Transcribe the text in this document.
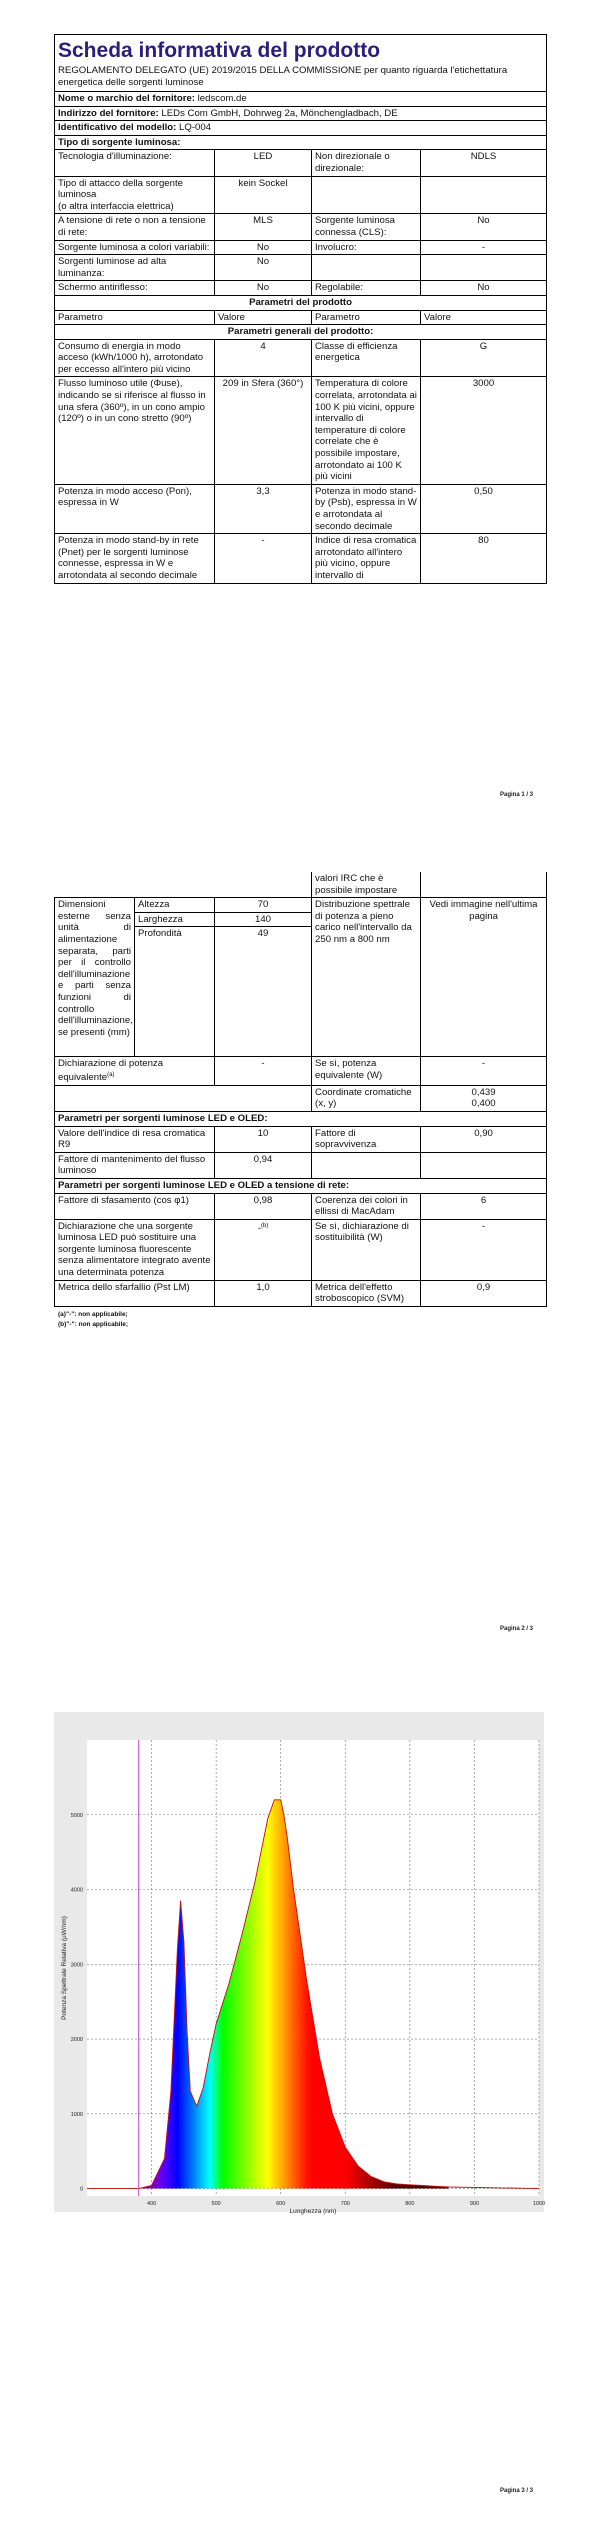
Scheda informativa del prodotto
REGOLAMENTO DELEGATO (UE) 2019/2015 DELLA COMMISSIONE per quanto riguarda l'etichettatura energetica delle sorgenti luminose			

Nome o marchio del fornitore: ledscom.de			
Indirizzo del fornitore: LEDs Com GmbH, Dohrweg 2a, Mönchengladbach, DE			
Identificativo del modello: LQ-004			
Tipo di sorgente luminosa:			
Tecnologia d'illuminazione:	LED	Non direzionale o direzionale:	NDLS

Tipo di attacco della sorgente luminosa
(o altra interfaccia elettrica)	kein Sockel		
A tensione di rete o non a tensione di rete:	MLS	Sorgente luminosa connessa (CLS):	No
Sorgente luminosa a colori variabili:	No	Involucro:	-
Sorgenti luminose ad alta luminanza:	No		
Schermo antiriflesso:	No	Regolabile:	No
Parametri del prodotto			
Parametro	Valore	Parametro	Valore
Parametri generali del prodotto:			
Consumo di energia in modo acceso (kWh/1000 h), arrotondato per eccesso all'intero più vicino	4	Classe di efficienza energetica	G
Flusso luminoso utile (Φuse), indicando se si riferisce al flusso in una sfera (360º), in un cono ampio (120º) o in un cono stretto (90º)	209 in Sfera (360°)	Temperatura di colore correlata, arrotondata ai 100 K più vicini, oppure intervallo di temperature di colore correlate che è possibile impostare, arrotondato ai 100 K più vicini	3000
Potenza in modo acceso (Pon), espressa in W	3,3	Potenza in modo stand-by (Psb), espressa in W e arrotondata al secondo decimale	0,50
Potenza in modo stand-by in rete (Pnet) per le sorgenti luminose connesse, espressa in W e arrotondata al secondo decimale	-	Indice di resa cromatica arrotondato all'intero più vicino, oppure intervallo di	80
Pagina 1 / 3
			valori IRC che è possibile impostare	
Dimensioni esterne senza unità di alimentazione separata, parti per il controllo dell'illuminazione e parti senza funzioni di controllo dell'illuminazione, se presenti (mm)	Altezza	70	Distribuzione spettrale di potenza a pieno carico nell'intervallo da 250 nm a 800 nm	Vedi immagine nell'ultima pagina
	Larghezza	140		
	Profondità	49		
Dichiarazione di potenza equivalente$^{(a)}$		-	Se sì, potenza equivalente (W)	-
			Coordinate cromatiche (x, y)	0,439
0,400

Parametri per sorgenti luminose LED e OLED:				
Valore dell'indice di resa cromatica R9		10	Fattore di sopravvivenza	0,90
Fattore di mantenimento del flusso luminoso		0,94		
Parametri per sorgenti luminose LED e OLED a tensione di rete:				
Fattore di sfasamento (cos φ1)		0,98	Coerenza dei colori in ellissi di MacAdam	6
Dichiarazione che una sorgente luminosa LED può sostituire una sorgente luminosa fluorescente senza alimentatore integrato avente una determinata potenza		-$^{(b)}$	Se sì, dichiarazione di sostituibilità (W)	-
Metrica dello sfarfallio (Pst LM)		1,0	Metrica dell'effetto stroboscopico (SVM)	0,9
(a)"-": non applicabile;
(b)"-": non applicabile;
Pagina 2 / 3
400	500	600	700	800	900	1000
0
1000
2000
3000
4000
5000
Lunghezza (nm)
Potenza Spettrale Relativa (µW/nm)
Pagina 3 / 3
